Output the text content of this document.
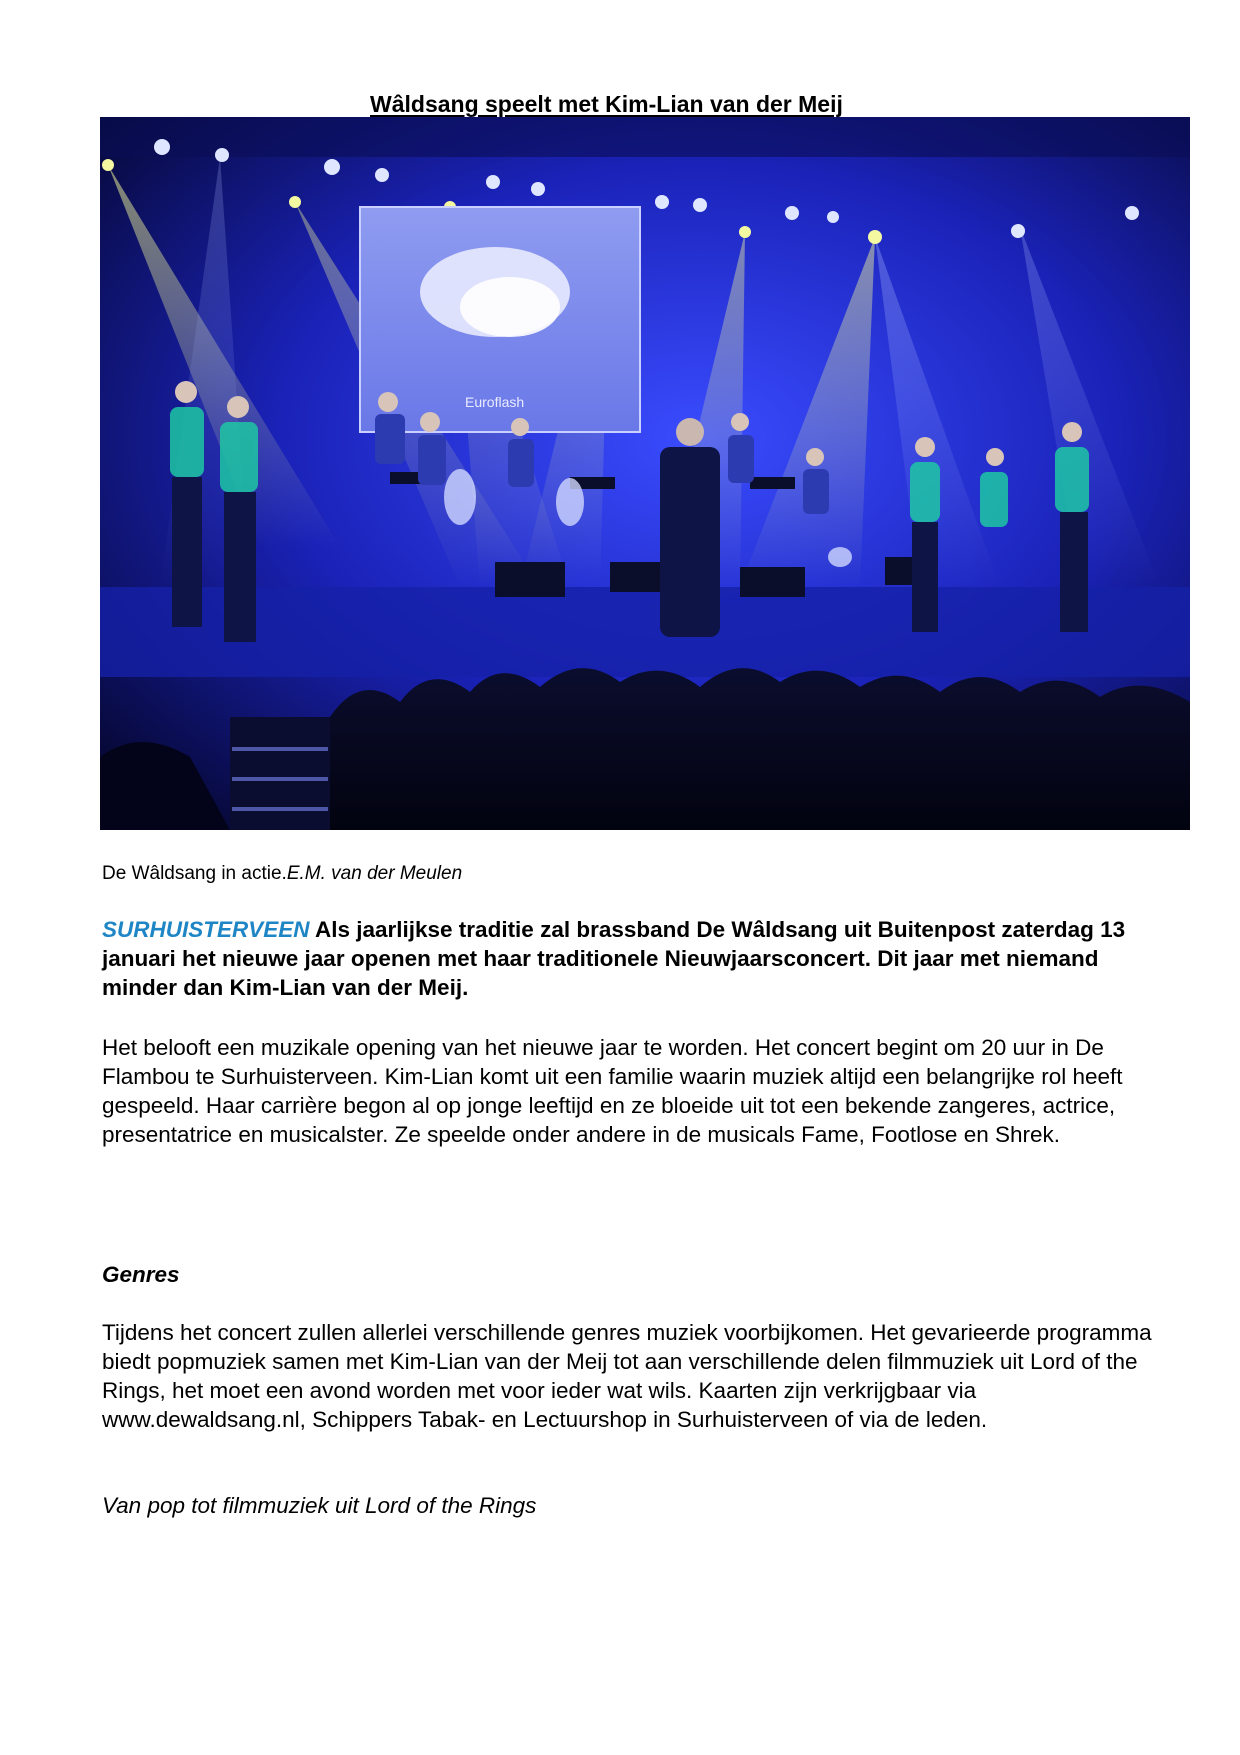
Wâldsang speelt met Kim-Lian van der Meij
Euroflash
De Wâldsang in actie.E.M. van der Meulen
SURHUISTERVEEN Als jaarlijkse traditie zal brassband De Wâldsang uit Buitenpost zaterdag 13 januari het nieuwe jaar openen met haar traditionele Nieuwjaarsconcert. Dit jaar met niemand minder dan Kim-Lian van der Meij.
Het belooft een muzikale opening van het nieuwe jaar te worden. Het concert begint om 20 uur in De Flambou te Surhuisterveen. Kim-Lian komt uit een familie waarin muziek altijd een belangrijke rol heeft gespeeld. Haar carrière begon al op jonge leeftijd en ze bloeide uit tot een bekende zangeres, actrice, presentatrice en musicalster. Ze speelde onder andere in de musicals Fame, Footlose en Shrek.
Genres
Tijdens het concert zullen allerlei verschillende genres muziek voorbijkomen. Het gevarieerde programma biedt popmuziek samen met Kim-Lian van der Meij tot aan verschillende delen filmmuziek uit Lord of the Rings, het moet een avond worden met voor ieder wat wils. Kaarten zijn verkrijgbaar via www.dewaldsang.nl, Schippers Tabak- en Lectuurshop in Surhuisterveen of via de leden.
Van pop tot filmmuziek uit Lord of the Rings
